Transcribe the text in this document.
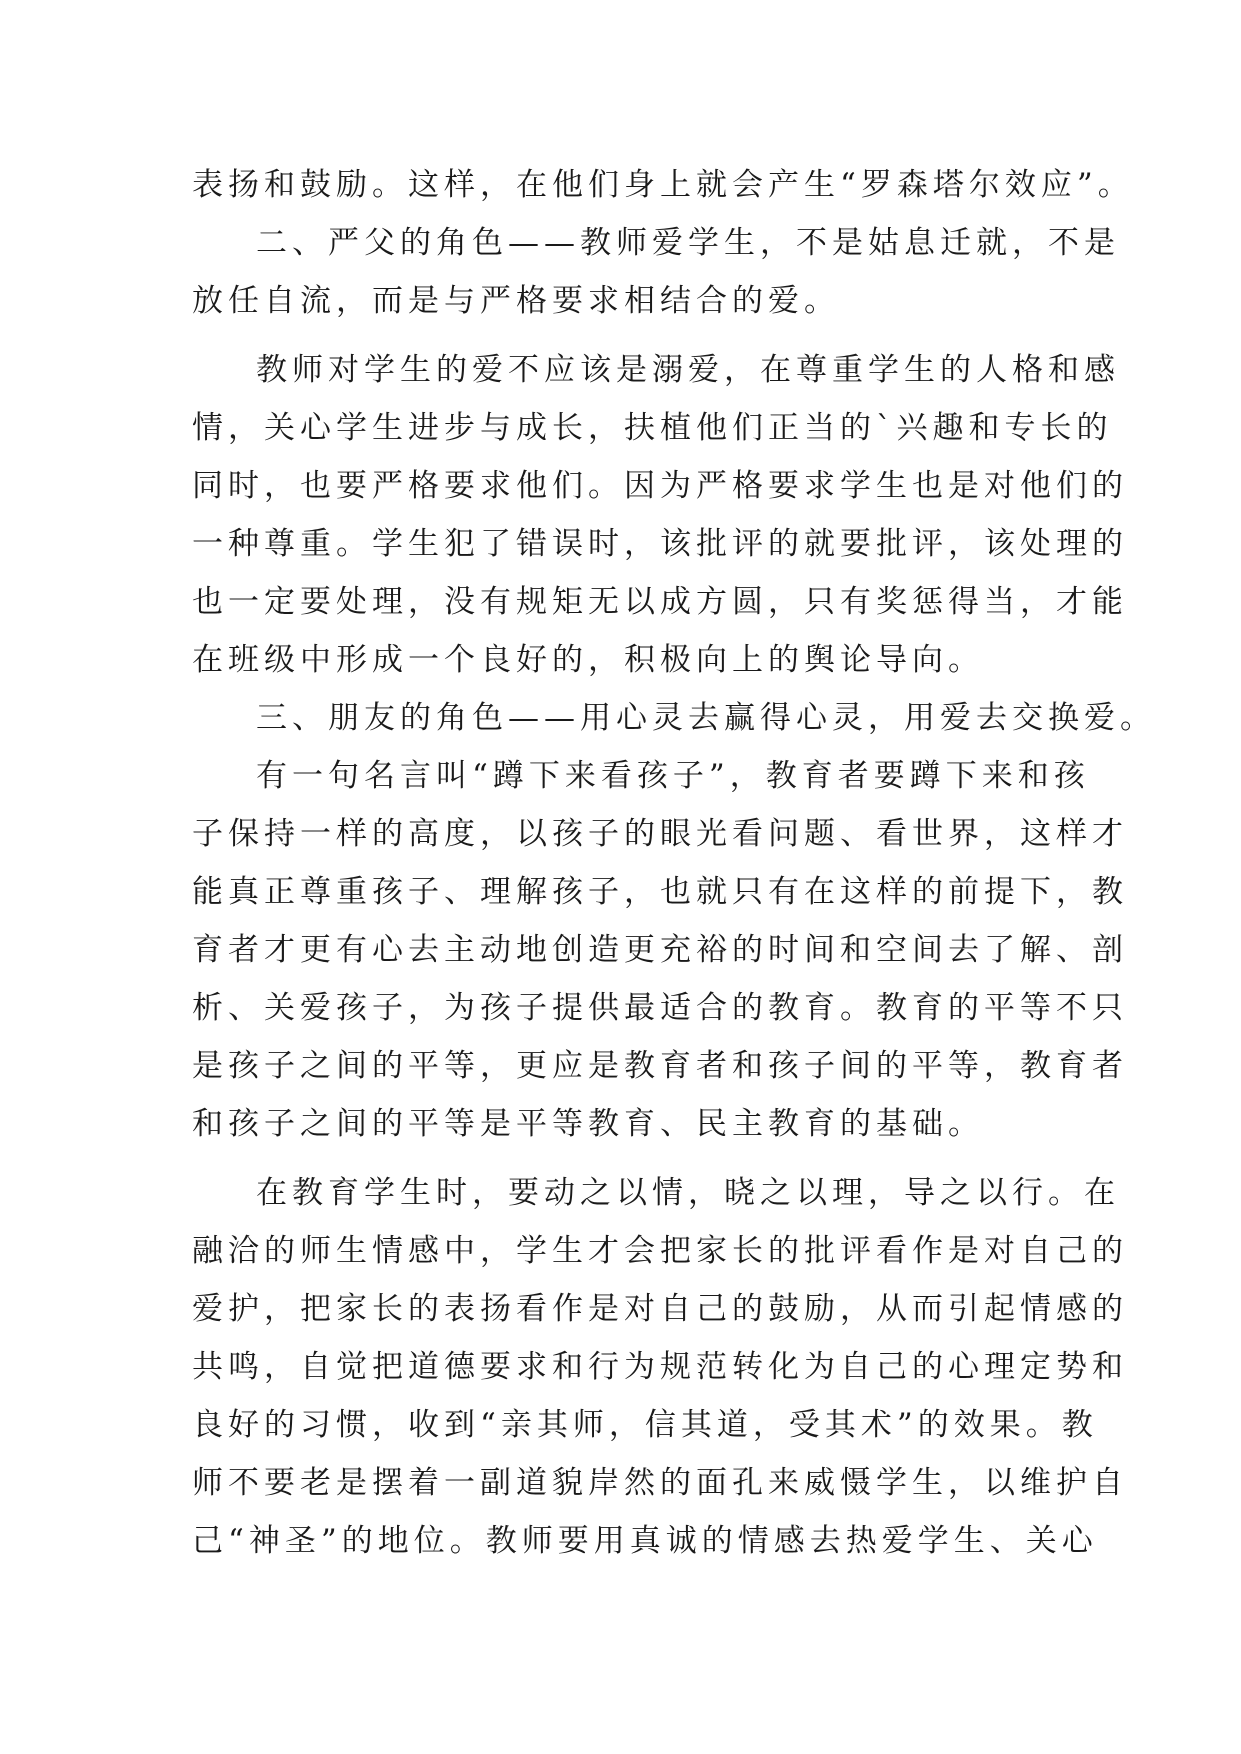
表扬和鼓励。这样，在他们身上就会产生“罗森塔尔效应”。
二、严父的角色——教师爱学生，不是姑息迁就，不是
放任自流，而是与严格要求相结合的爱。
教师对学生的爱不应该是溺爱，在尊重学生的人格和感
情，关心学生进步与成长，扶植他们正当的`兴趣和专长的
同时，也要严格要求他们。因为严格要求学生也是对他们的
一种尊重。学生犯了错误时，该批评的就要批评，该处理的
也一定要处理，没有规矩无以成方圆，只有奖惩得当，才能
在班级中形成一个良好的，积极向上的舆论导向。
三、朋友的角色——用心灵去赢得心灵，用爱去交换爱。
有一句名言叫“蹲下来看孩子”，教育者要蹲下来和孩
子保持一样的高度，以孩子的眼光看问题、看世界，这样才
能真正尊重孩子、理解孩子，也就只有在这样的前提下，教
育者才更有心去主动地创造更充裕的时间和空间去了解、剖
析、关爱孩子，为孩子提供最适合的教育。教育的平等不只
是孩子之间的平等，更应是教育者和孩子间的平等，教育者
和孩子之间的平等是平等教育、民主教育的基础。
在教育学生时，要动之以情，晓之以理，导之以行。在
融洽的师生情感中，学生才会把家长的批评看作是对自己的
爱护，把家长的表扬看作是对自己的鼓励，从而引起情感的
共鸣，自觉把道德要求和行为规范转化为自己的心理定势和
良好的习惯，收到“亲其师，信其道，受其术”的效果。教
师不要老是摆着一副道貌岸然的面孔来威慑学生，以维护自
己“神圣”的地位。教师要用真诚的情感去热爱学生、关心
